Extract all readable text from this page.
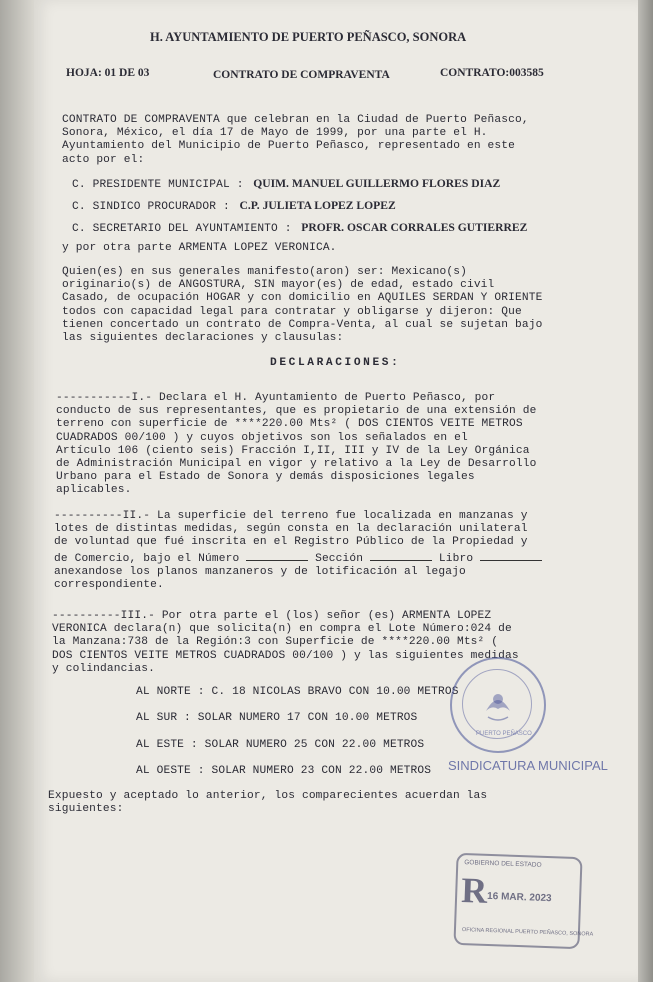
H. AYUNTAMIENTO DE PUERTO PEÑASCO, SONORA
HOJA: 01 DE 03	CONTRATO DE COMPRAVENTA	CONTRATO:003585
CONTRATO DE COMPRAVENTA que celebran en la Ciudad de Puerto Peñasco,
Sonora, México, el día 17 de Mayo de 1999, por una parte el H.
Ayuntamiento del Municipio de Puerto Peñasco, representado en este
acto por el:
C. PRESIDENTE MUNICIPAL : QUIM. MANUEL GUILLERMO FLORES DIAZ
C. SINDICO PROCURADOR : C.P. JULIETA LOPEZ LOPEZ
C. SECRETARIO DEL AYUNTAMIENTO : PROFR. OSCAR CORRALES GUTIERREZ
y por otra parte ARMENTA LOPEZ VERONICA.
Quien(es) en sus generales manifesto(aron) ser: Mexicano(s)
originario(s) de ANGOSTURA, SIN mayor(es) de edad, estado civil
Casado, de ocupación HOGAR y con domicilio en AQUILES SERDAN Y ORIENTE
todos con capacidad legal para contratar y obligarse y dijeron: Que
tienen concertado un contrato de Compra-Venta, al cual se sujetan bajo
las siguientes declaraciones y clausulas:
DECLARACIONES:
-----------I.- Declara el H. Ayuntamiento de Puerto Peñasco, por
conducto de sus representantes, que es propietario de una extensión de
terreno con superficie de ****220.00 Mts² ( DOS CIENTOS VEITE METROS
CUADRADOS 00/100 ) y cuyos objetivos son los señalados en el
Artículo 106 (ciento seis) Fracción I,II, III y IV de la Ley Orgánica
de Administración Municipal en vigor y relativo a la Ley de Desarrollo
Urbano para el Estado de Sonora y demás disposiciones legales
aplicables.
----------II.- La superficie del terreno fue localizada en manzanas y
lotes de distintas medidas, según consta en la declaración unilateral
de voluntad que fué inscrita en el Registro Público de la Propiedad y
de Comercio, bajo el Número	Sección	Libro
anexandose los planos manzaneros y de lotificación al legajo
correspondiente.
----------III.- Por otra parte el (los) señor (es) ARMENTA LOPEZ
VERONICA declara(n) que solicita(n) en compra el Lote Número:024 de
la Manzana:738 de la Región:3 con Superficie de ****220.00 Mts² (
DOS CIENTOS VEITE METROS CUADRADOS 00/100 ) y las siguientes medidas
y colindancias.
AL NORTE : C. 18 NICOLAS BRAVO CON 10.00 METROS
AL SUR : SOLAR NUMERO 17 CON 10.00 METROS
AL ESTE : SOLAR NUMERO 25 CON 22.00 METROS
AL OESTE : SOLAR NUMERO 23 CON 22.00 METROS
Expuesto y aceptado lo anterior, los comparecientes acuerdan las
siguientes:
PUERTO PEÑASCO
SINDICATURA MUNICIPAL
GOBIERNO DEL ESTADO
R
16 MAR. 2023
OFICINA REGIONAL PUERTO PEÑASCO, SONORA
